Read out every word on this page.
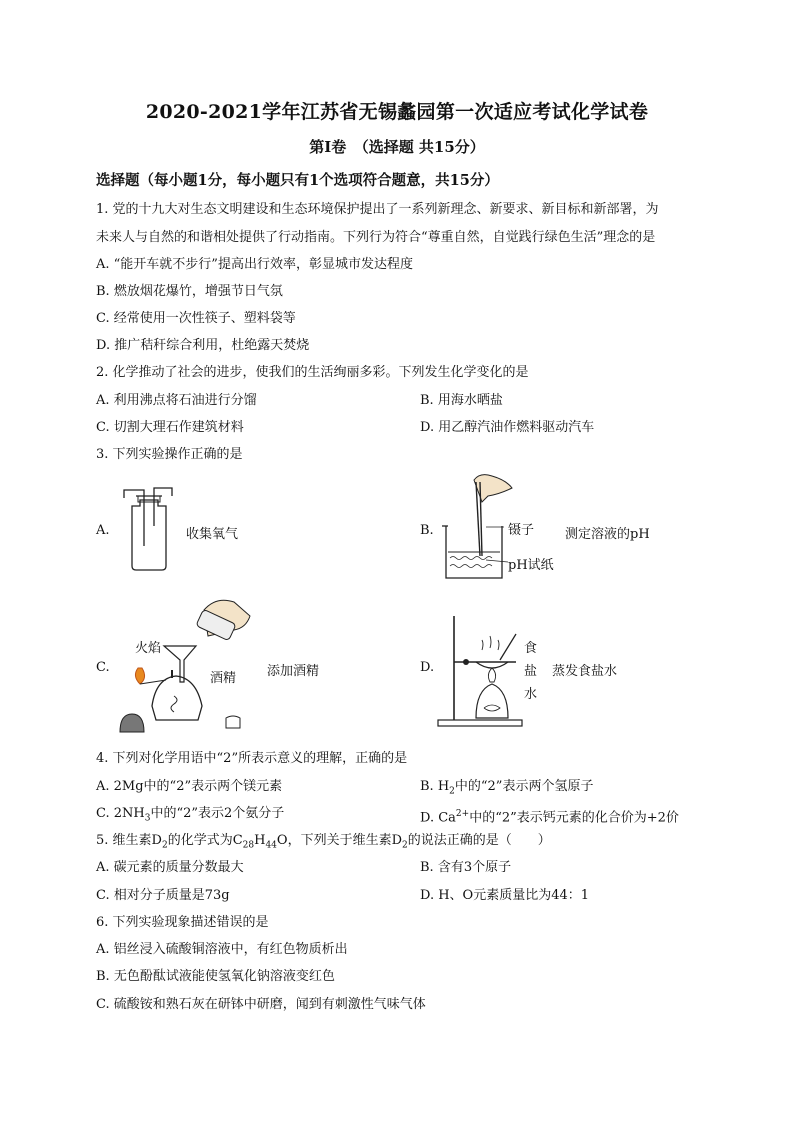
2020-2021学年江苏省无锡蠡园第一次适应考试化学试卷
第I卷　（选择题 共15分）
选择题（每小题1分，每小题只有1个选项符合题意，共15分）
1. 党的十九大对生态文明建设和生态环境保护提出了一系列新理念、新要求、新目标和新部署，为
未来人与自然的和谐相处提供了行动指南。下列行为符合“尊重自然，自觉践行绿色生活”理念的是
A. “能开车就不步行”提高出行效率，彰显城市发达程度
B. 燃放烟花爆竹，增强节日气氛
C. 经常使用一次性筷子、塑料袋等
D. 推广秸秆综合利用，杜绝露天焚烧
2. 化学推动了社会的进步，使我们的生活绚丽多彩。下列发生化学变化的是
A. 利用沸点将石油进行分馏	B. 用海水晒盐
C. 切割大理石作建筑材料	D. 用乙醇汽油作燃料驱动汽车
3. 下列实验操作正确的是
A.	收集氧气	B.	镊子
pH试纸
测定溶液的pH
C.
火焰
酒精 添加酒精	D.
食
盐
水
蒸发食盐水
4. 下列对化学用语中“2”所表示意义的理解，正确的是
A. 2Mg中的“2”表示两个镁元素	B. $H_2$中的“2”表示两个氢原子
C. $2NH_3$中的“2”表示2个氨分子	D. $Ca^{2+}$中的“2”表示钙元素的化合价为+2价
5. 维生素$D_2$的化学式为$C_{28}H_{44}O$，下列关于维生素$D_2$的说法正确的是（　　）
A. 碳元素的质量分数最大	B. 含有3个原子
C. 相对分子质量是73g	D. H、O元素质量比为44：1
6. 下列实验现象描述错误的是
A. 铝丝浸入硫酸铜溶液中，有红色物质析出
B. 无色酚酞试液能使氢氧化钠溶液变红色
C. 硫酸铵和熟石灰在研钵中研磨，闻到有刺激性气味气体
